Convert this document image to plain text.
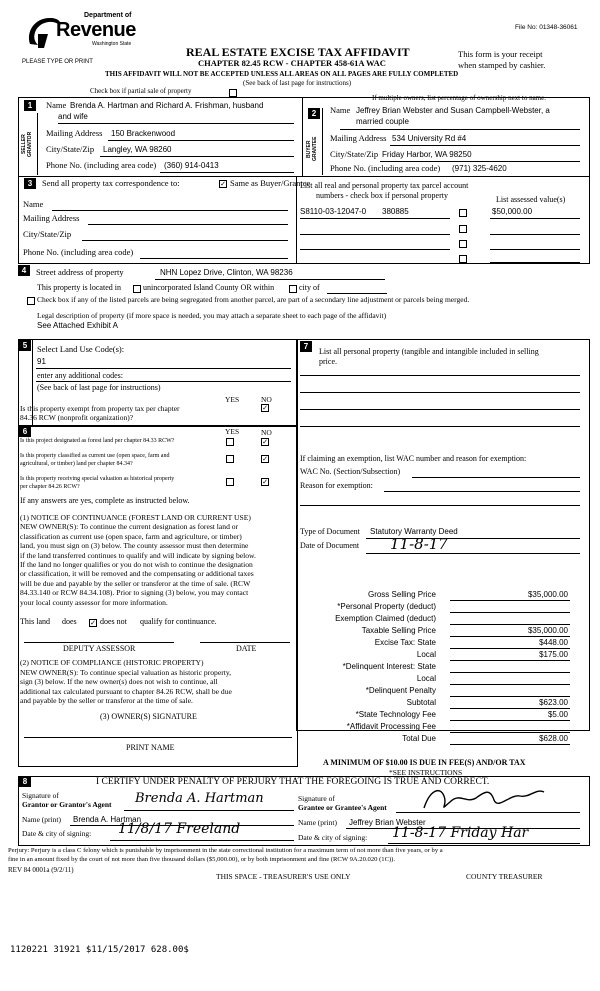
Department of
Revenue
Washington State
PLEASE TYPE OR PRINT
REAL ESTATE EXCISE TAX AFFIDAVIT
CHAPTER 82.45 RCW - CHAPTER 458-61A WAC
This form is your receipt
when stamped by cashier.
File No: 01348-36061
THIS AFFIDAVIT WILL NOT BE ACCEPTED UNLESS ALL AREAS ON ALL PAGES ARE FULLY COMPLETED
(See back of last page for instructions)
Check box if partial sale of property
If multiple owners, list percentage of ownership next to name.
1
SELLER GRANTOR
Name Brenda A. Hartman and Richard A. Frishman, husband
and wife
Mailing Address 150 Brackenwood
City/State/Zip Langley, WA 98260
Phone No. (including area code) (360) 914-0413
2
BUYER GRANTEE
Name Jeffrey Brian Webster and Susan Campbell-Webster, a
married couple
Mailing Address 534 University Rd #4
City/State/Zip Friday Harbor, WA 98250
Phone No. (including area code) (971) 325-4620
3	Send all property tax correspondence to:	✓ Same as Buyer/Grantee
Name
Mailing Address
City/State/Zip
Phone No. (including area code)
List all real and personal property tax parcel account
numbers - check box if personal property	List assessed value(s)
S8110-03-12047-0 380885	$50,000.00
4	Street address of property	NHN Lopez Drive, Clinton, WA 98236
This property is located in	unincorporated Island County OR within	city of
Check box if any of the listed parcels are being segregated from another parcel, are part of a secondary line adjustment or parcels being merged.
Legal description of property (if more space is needed, you may attach a separate sheet to each page of the affidavit)
See Attached Exhibit A
5	Select Land Use Code(s):
91
enter any additional codes:
(See back of last page for instructions)
YES	NO
Is this property exempt from property tax per chapter
84.36 RCW (nonprofit organization)?
✓
7
List all personal property (tangible and intangible included in selling
price.
If claiming an exemption, list WAC number and reason for exemption:
WAC No. (Section/Subsection)
Reason for exemption:
Type of Document Statutory Warranty Deed
Date of Document 11-8-17
Gross Selling Price	$35,000.00
*Personal Property (deduct)
Exemption Claimed (deduct)
Taxable Selling Price	$35,000.00
Excise Tax: State	$448.00
Local	$175.00
*Delinquent Interest: State
Local
*Delinquent Penalty
Subtotal	$623.00
*State Technology Fee	$5.00
*Affidavit Processing Fee
Total Due	$628.00
A MINIMUM OF $10.00 IS DUE IN FEE(S) AND/OR TAX
*SEE INSTRUCTIONS
6	YES	NO
Is this project designated as forest land per chapter 84.33 RCW?	✓
Is this property classified as current use (open space, farm and
agricultural, or timber) land per chapter 84.34?
✓
Is this property receiving special valuation as historical property
per chapter 84.26 RCW?
✓
If any answers are yes, complete as instructed below.
(1) NOTICE OF CONTINUANCE (FOREST LAND OR CURRENT USE)
NEW OWNER(S): To continue the current designation as forest land or
classification as current use (open space, farm and agriculture, or timber)
land, you must sign on (3) below. The county assessor must then determine
if the land transferred continues to qualify and will indicate by signing below.
If the land no longer qualifies or you do not wish to continue the designation
or classification, it will be removed and the compensating or additional taxes
will be due and payable by the seller or transferor at the time of sale. (RCW
84.33.140 or RCW 84.34.108). Prior to signing (3) below, you may contact
your local county assessor for more information.
This land does ✓ does not qualify for continuance.
DEPUTY ASSESSOR	DATE
(2) NOTICE OF COMPLIANCE (HISTORIC PROPERTY)
NEW OWNER(S): To continue special valuation as historic property,
sign (3) below. If the new owner(s) does not wish to continue, all
additional tax calculated pursuant to chapter 84.26 RCW, shall be due
and payable by the seller or transferor at the time of sale.
(3) OWNER(S) SIGNATURE
PRINT NAME
8	I CERTIFY UNDER PENALTY OF PERJURY THAT THE FOREGOING IS TRUE AND CORRECT.
Signature of
Grantor or Grantor's Agent Brenda A. Hartman
Name (print) Brenda A. Hartman
Date & city of signing: 11/8/17 Freeland
Signature of
Grantee or Grantee's Agent
Name (print) Jeffrey Brian Webster
Date & city of signing: 11-8-17 Friday Har
Perjury: Perjury is a class C felony which is punishable by imprisonment in the state correctional institution for a maximum term of not more than five years, or by a
fine in an amount fixed by the court of not more than five thousand dollars ($5,000.00), or by both imprisonment and fine (RCW 9A.20.020 (1C)).
REV 84 0001a (9/2/11)
THIS SPACE - TREASURER'S USE ONLY	COUNTY TREASURER
1120221 31921 $11/15/2017 628.00$
